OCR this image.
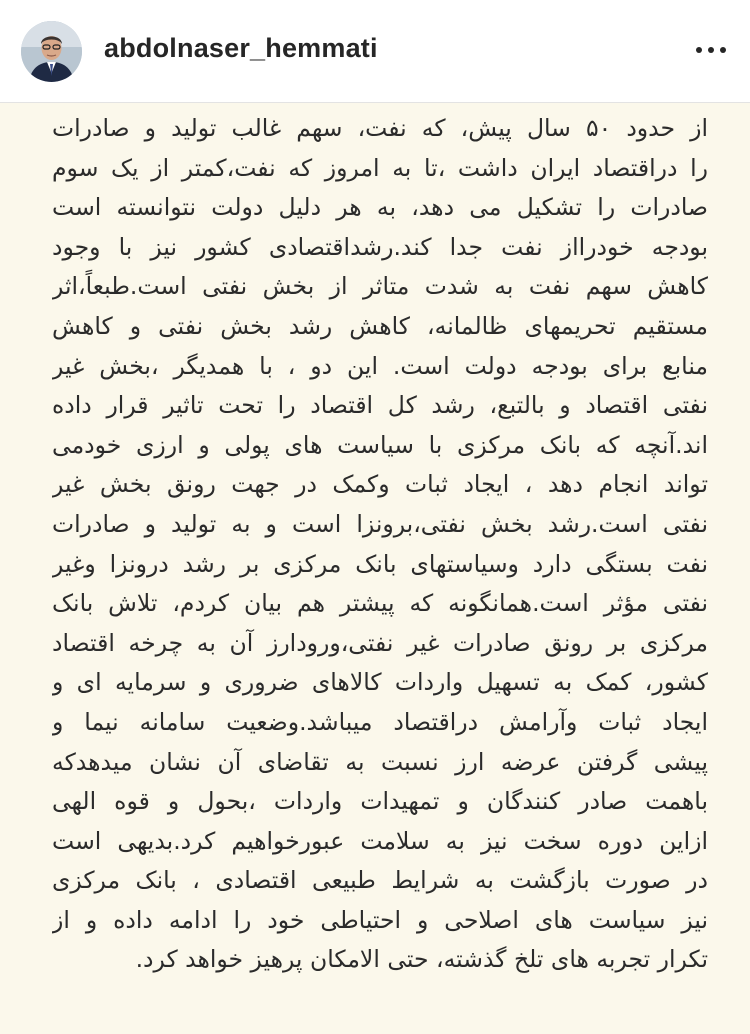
abdolnaser_hemmati
از حدود ۵۰ سال پیش، که نفت، سهم غالب تولید و صادرات
را دراقتصاد ایران داشت ،تا به امروز که نفت،کمتر از یک سوم
صادرات را تشکیل می دهد، به هر دلیل دولت نتوانسته است
بودجه خودرااز نفت جدا کند.رشداقتصادی کشور نیز با وجود
کاهش سهم نفت به شدت متاثر از بخش نفتی است.طبعاً،اثر
مستقیم تحریمهای ظالمانه، کاهش رشد بخش نفتی و کاهش
منابع برای بودجه دولت است. این دو ، با همدیگر ،بخش غیر
نفتی اقتصاد و بالتبع، رشد کل اقتصاد را تحت تاثیر قرار داده
اند.آنچه که بانک مرکزی با سیاست های پولی و ارزی خودمی
تواند انجام دهد ، ایجاد ثبات وکمک در جهت رونق بخش غیر
نفتی است.رشد بخش نفتی،برونزا است و به تولید و صادرات
نفت بستگی دارد وسیاستهای بانک مرکزی بر رشد درونزا وغیر
نفتی مؤثر است.همانگونه که پیشتر هم بیان کردم، تلاش بانک
مرکزی بر رونق صادرات غیر نفتی،ورودارز آن به چرخه اقتصاد
کشور، کمک به تسهیل واردات کالاهای ضروری و سرمایه ای و
ایجاد ثبات وآرامش دراقتصاد میباشد.وضعیت سامانه نیما و
پیشی گرفتن عرضه ارز نسبت به تقاضای آن نشان میدهدکه
باهمت صادر کنندگان و تمهیدات واردات ،بحول و قوه الهی
ازاین دوره سخت نیز به سلامت عبورخواهیم کرد.بدیهی است
در صورت بازگشت به شرایط طبیعی اقتصادی ، بانک مرکزی
نیز سیاست های اصلاحی و احتیاطی خود را ادامه داده و از
تکرار تجربه های تلخ گذشته، حتی الامکان پرهیز خواهد کرد.
